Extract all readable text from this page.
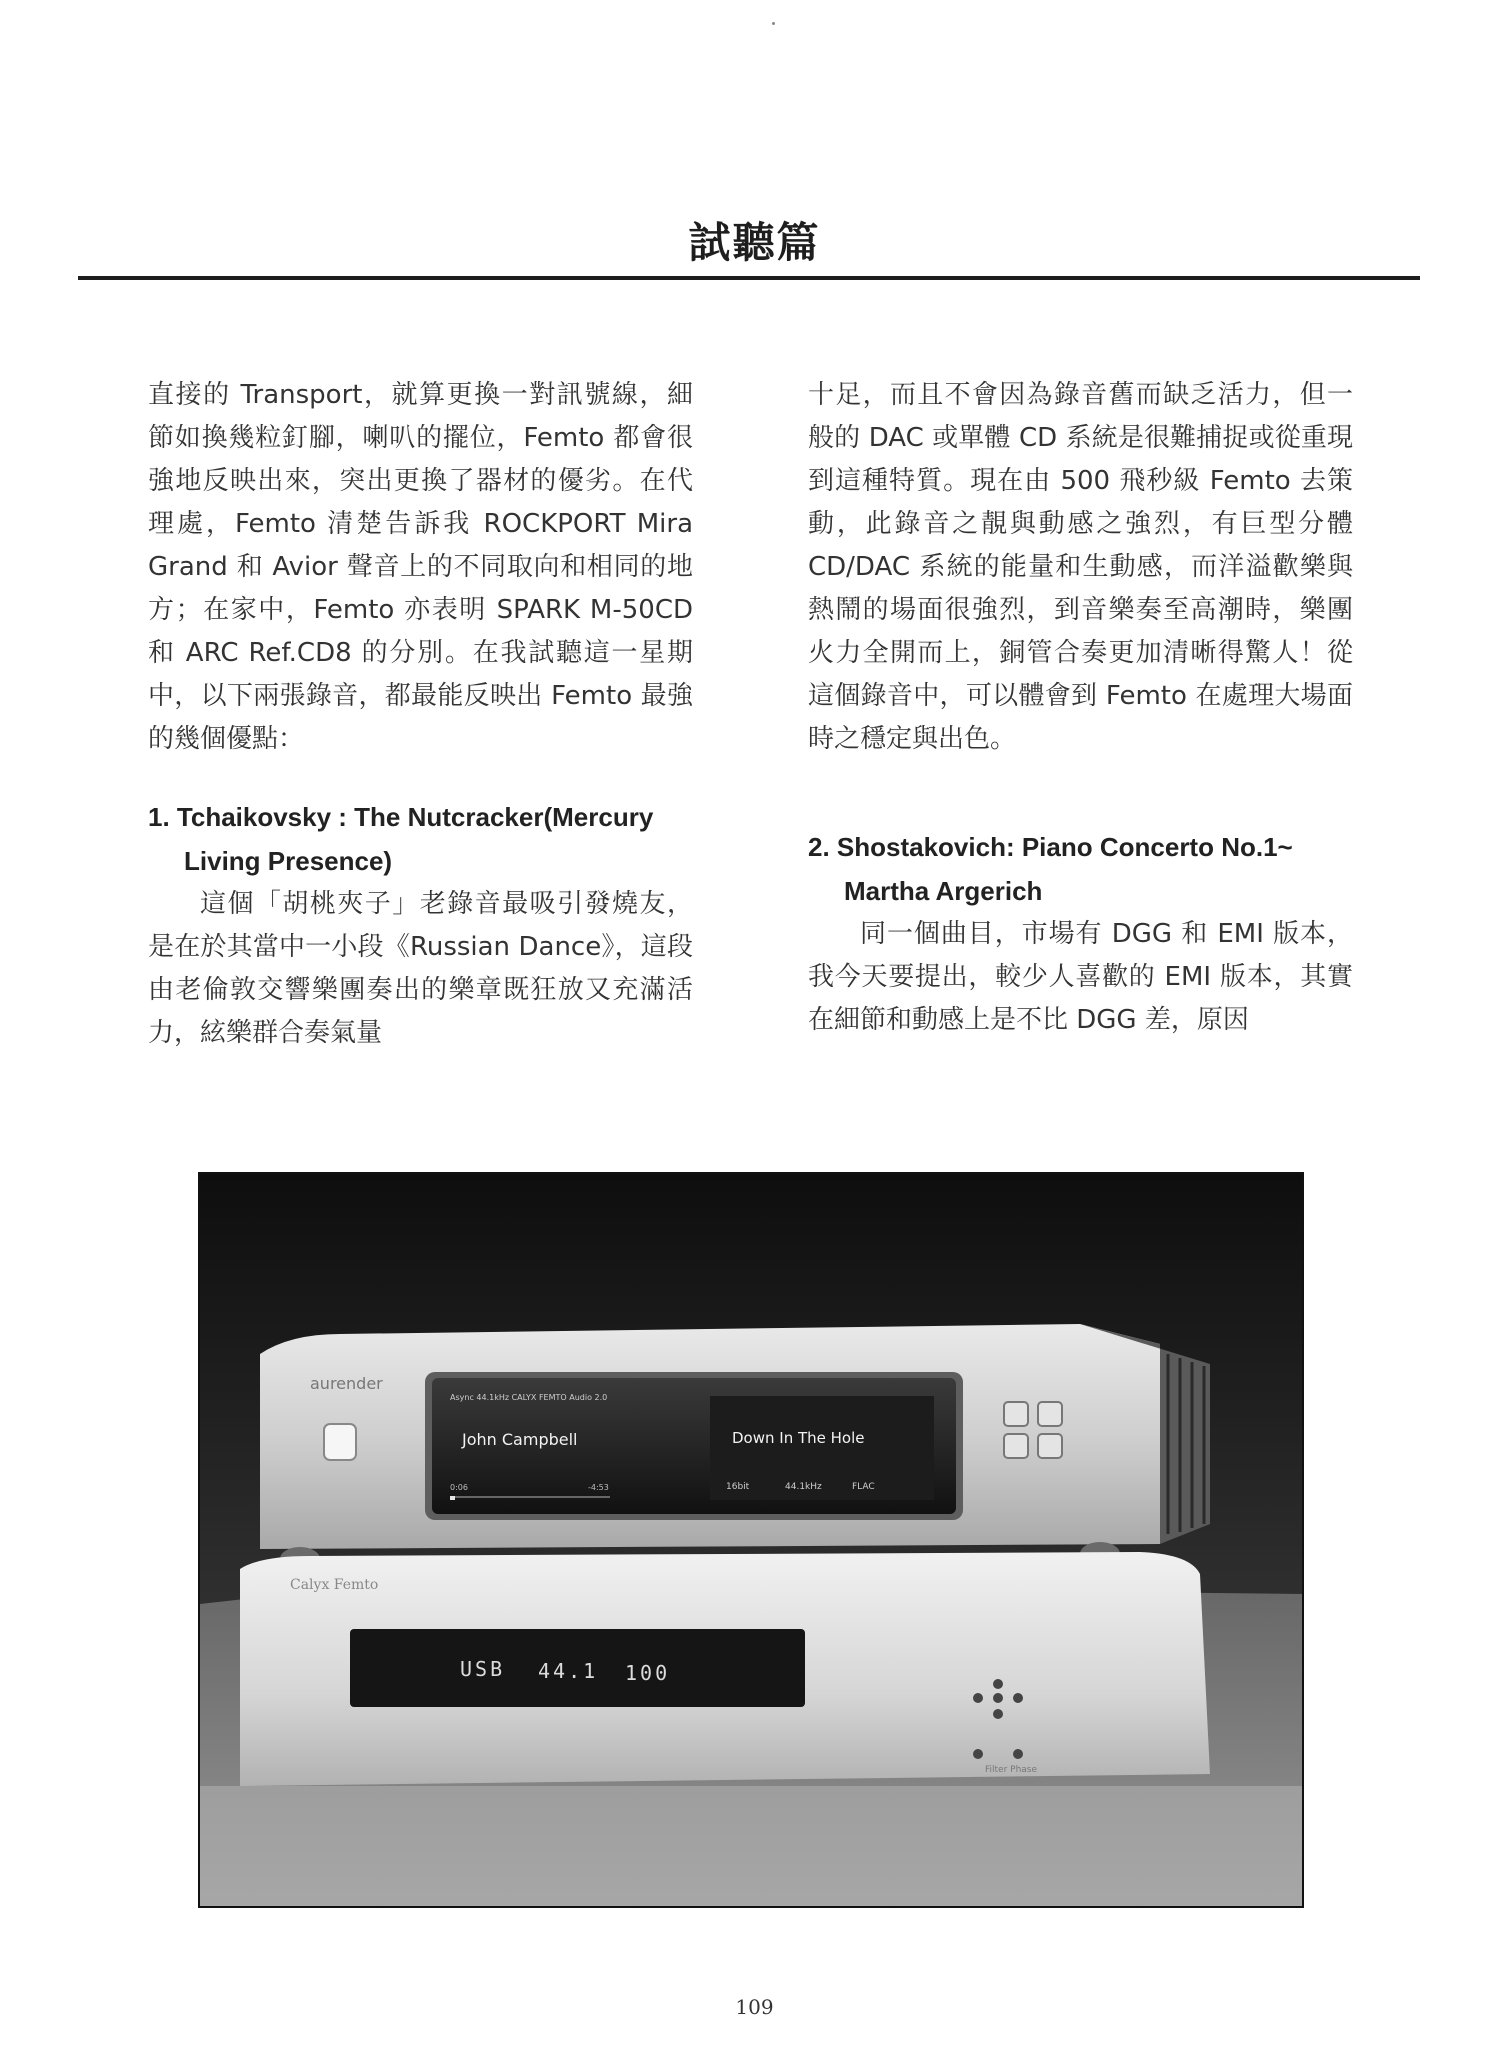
試聽篇

直接的 Transport，就算更換一對訊號線，細節如換幾粒釘腳，喇叭的擺位，Femto 都會很強地反映出來，突出更換了器材的優劣。在代理處，Femto 清楚告訴我 ROCKPORT Mira Grand 和 Avior 聲音上的不同取向和相同的地方；在家中，Femto 亦表明 SPARK M-50CD 和 ARC Ref.CD8 的分別。在我試聽這一星期中，以下兩張錄音，都最能反映出 Femto 最強的幾個優點：

1. Tchaikovsky : The Nutcracker(Mercury
Living Presence)

這個「胡桃夾子」老錄音最吸引發燒友，是在於其當中一小段《Russian Dance》，這段由老倫敦交響樂團奏出的樂章既狂放又充滿活力，絃樂群合奏氣量

十足，而且不會因為錄音舊而缺乏活力，但一般的 DAC 或單體 CD 系統是很難捕捉或從重現到這種特質。現在由 500 飛秒級 Femto 去策動，此錄音之靚與動感之強烈，有巨型分體 CD/DAC 系統的能量和生動感，而洋溢歡樂與熱鬧的場面很強烈，到音樂奏至高潮時，樂團火力全開而上，銅管合奏更加清晰得驚人！從這個錄音中，可以體會到 Femto 在處理大場面時之穩定與出色。

2. Shostakovich: Piano Concerto No.1~
Martha Argerich

同一個曲目，市場有 DGG 和 EMI 版本，我今天要提出，較少人喜歡的 EMI 版本，其實在細節和動感上是不比 DGG 差，原因

aurender
Async 44.1kHz CALYX FEMTO Audio 2.0
John Campbell
0:06	-4:53
Down In The Hole
16bit	44.1kHz	FLAC
Calyx Femto
USB 44.1 100
Filter Phase
109
